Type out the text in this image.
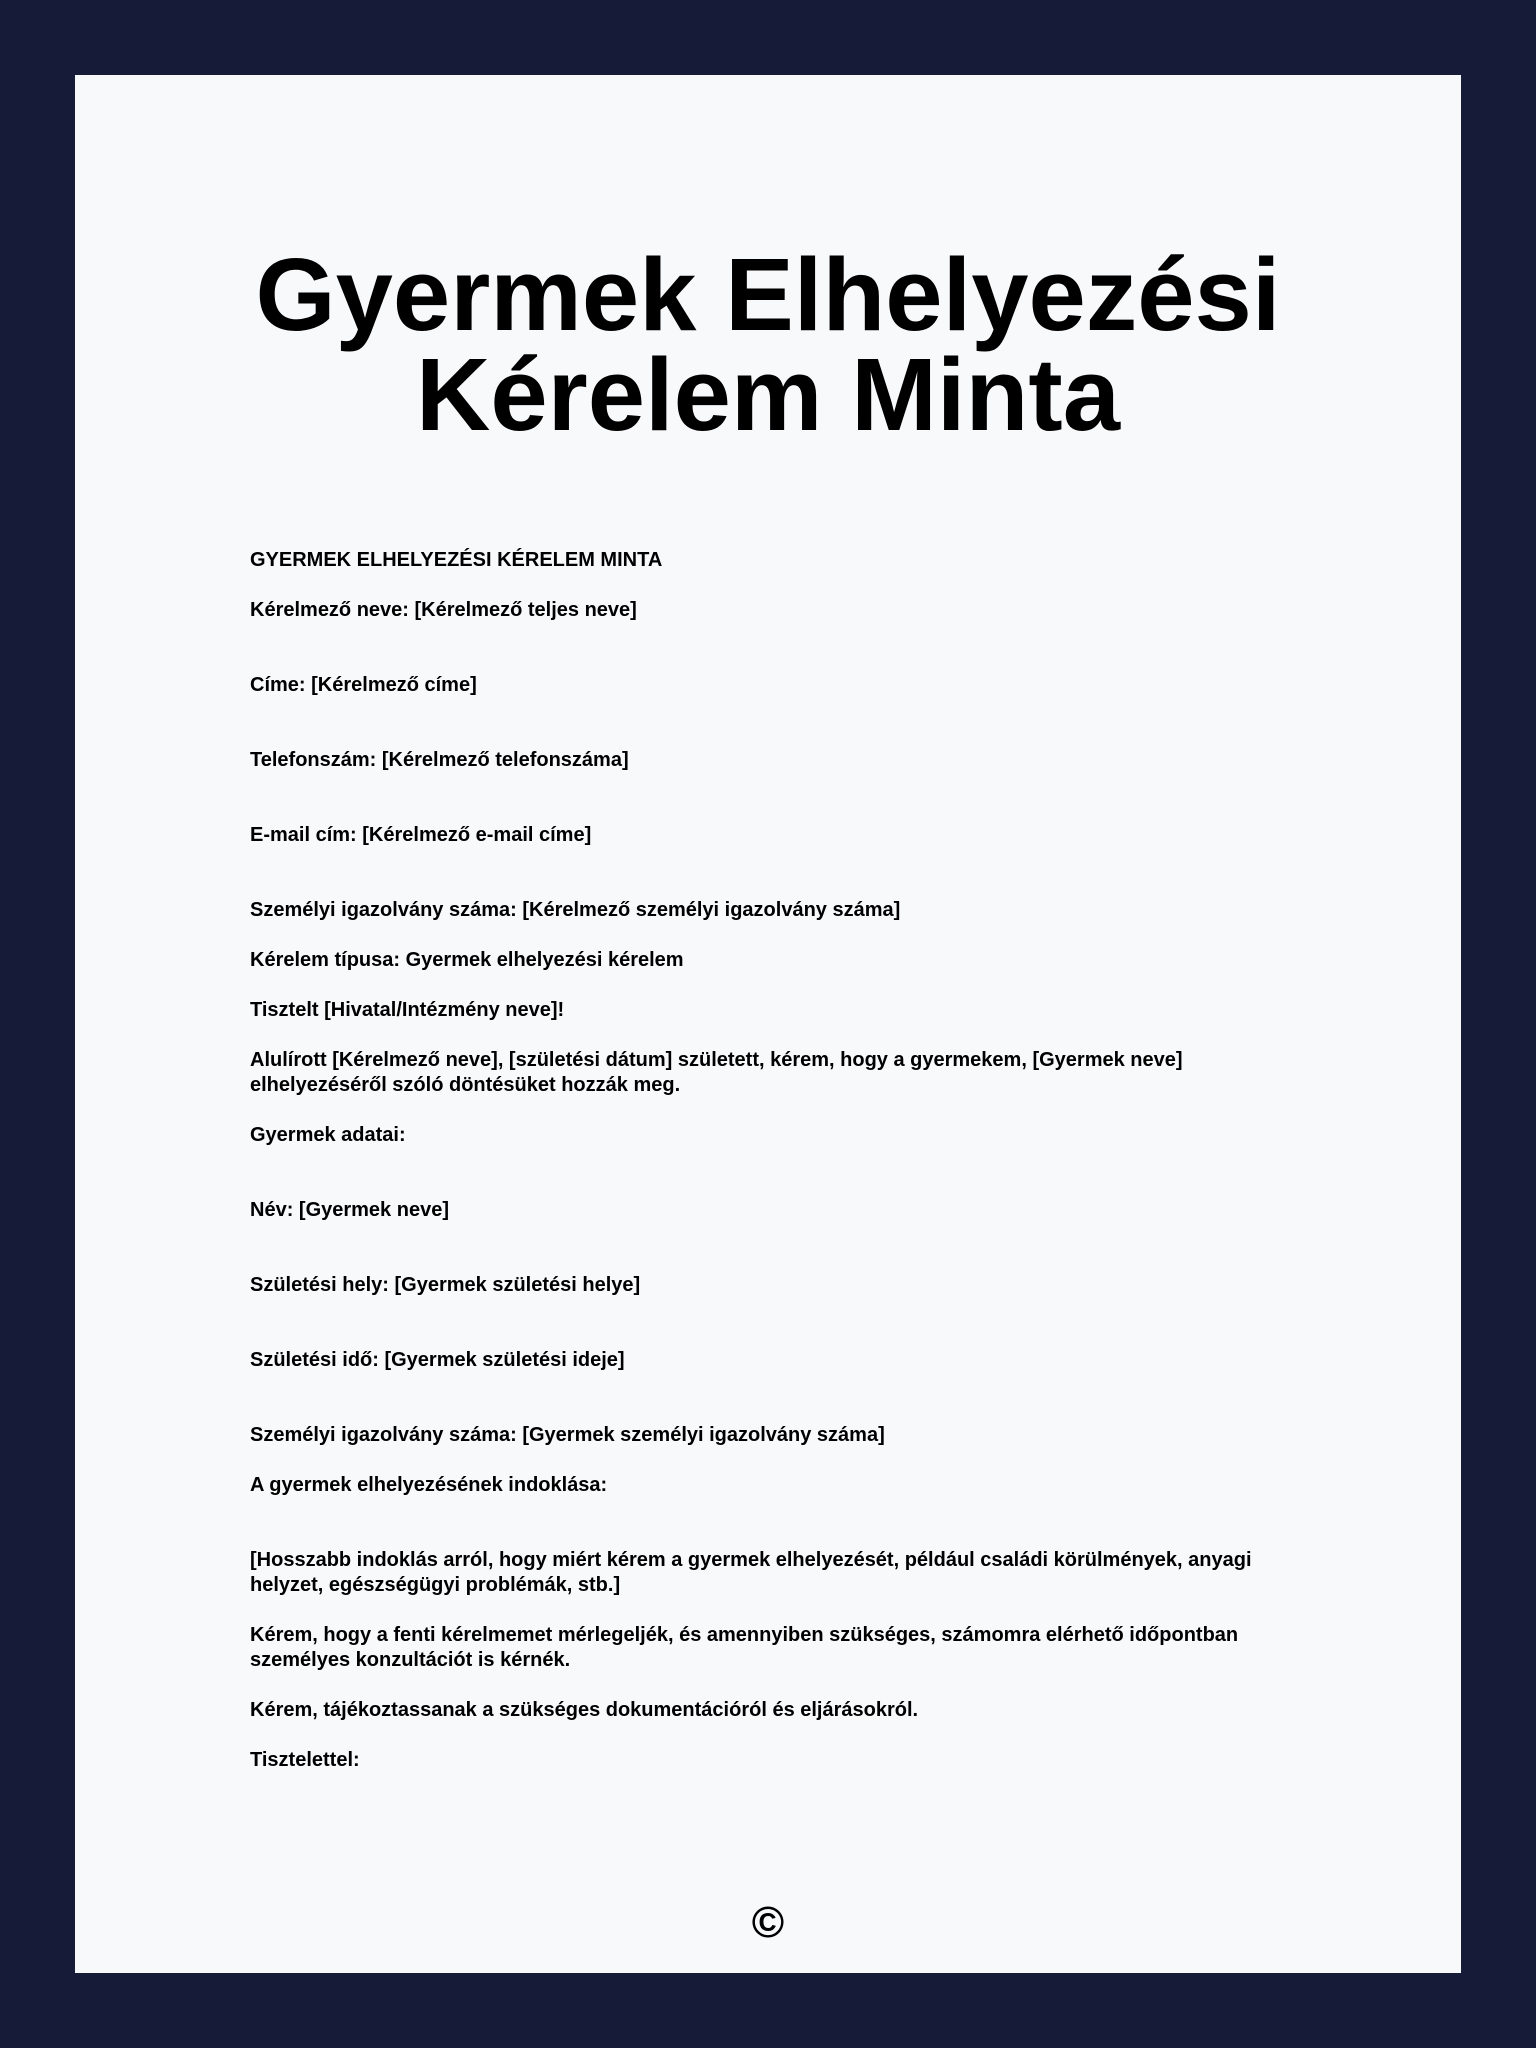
Gyermek Elhelyezési
Kérelem Minta

GYERMEK ELHELYEZÉSI KÉRELEM MINTA

Kérelmező neve: [Kérelmező teljes neve]

Címe: [Kérelmező címe]

Telefonszám: [Kérelmező telefonszáma]

E-mail cím: [Kérelmező e-mail címe]

Személyi igazolvány száma: [Kérelmező személyi igazolvány száma]

Kérelem típusa: Gyermek elhelyezési kérelem

Tisztelt [Hivatal/Intézmény neve]!

Alulírott [Kérelmező neve], [születési dátum] született, kérem, hogy a gyermekem, [Gyermek neve]

elhelyezéséről szóló döntésüket hozzák meg.

Gyermek adatai:

Név: [Gyermek neve]

Születési hely: [Gyermek születési helye]

Születési idő: [Gyermek születési ideje]

Személyi igazolvány száma: [Gyermek személyi igazolvány száma]

A gyermek elhelyezésének indoklása:

[Hosszabb indoklás arról, hogy miért kérem a gyermek elhelyezését, például családi körülmények, anyagi

helyzet, egészségügyi problémák, stb.]

Kérem, hogy a fenti kérelmemet mérlegeljék, és amennyiben szükséges, számomra elérhető időpontban

személyes konzultációt is kérnék.

Kérem, tájékoztassanak a szükséges dokumentációról és eljárásokról.

Tisztelettel:

©
